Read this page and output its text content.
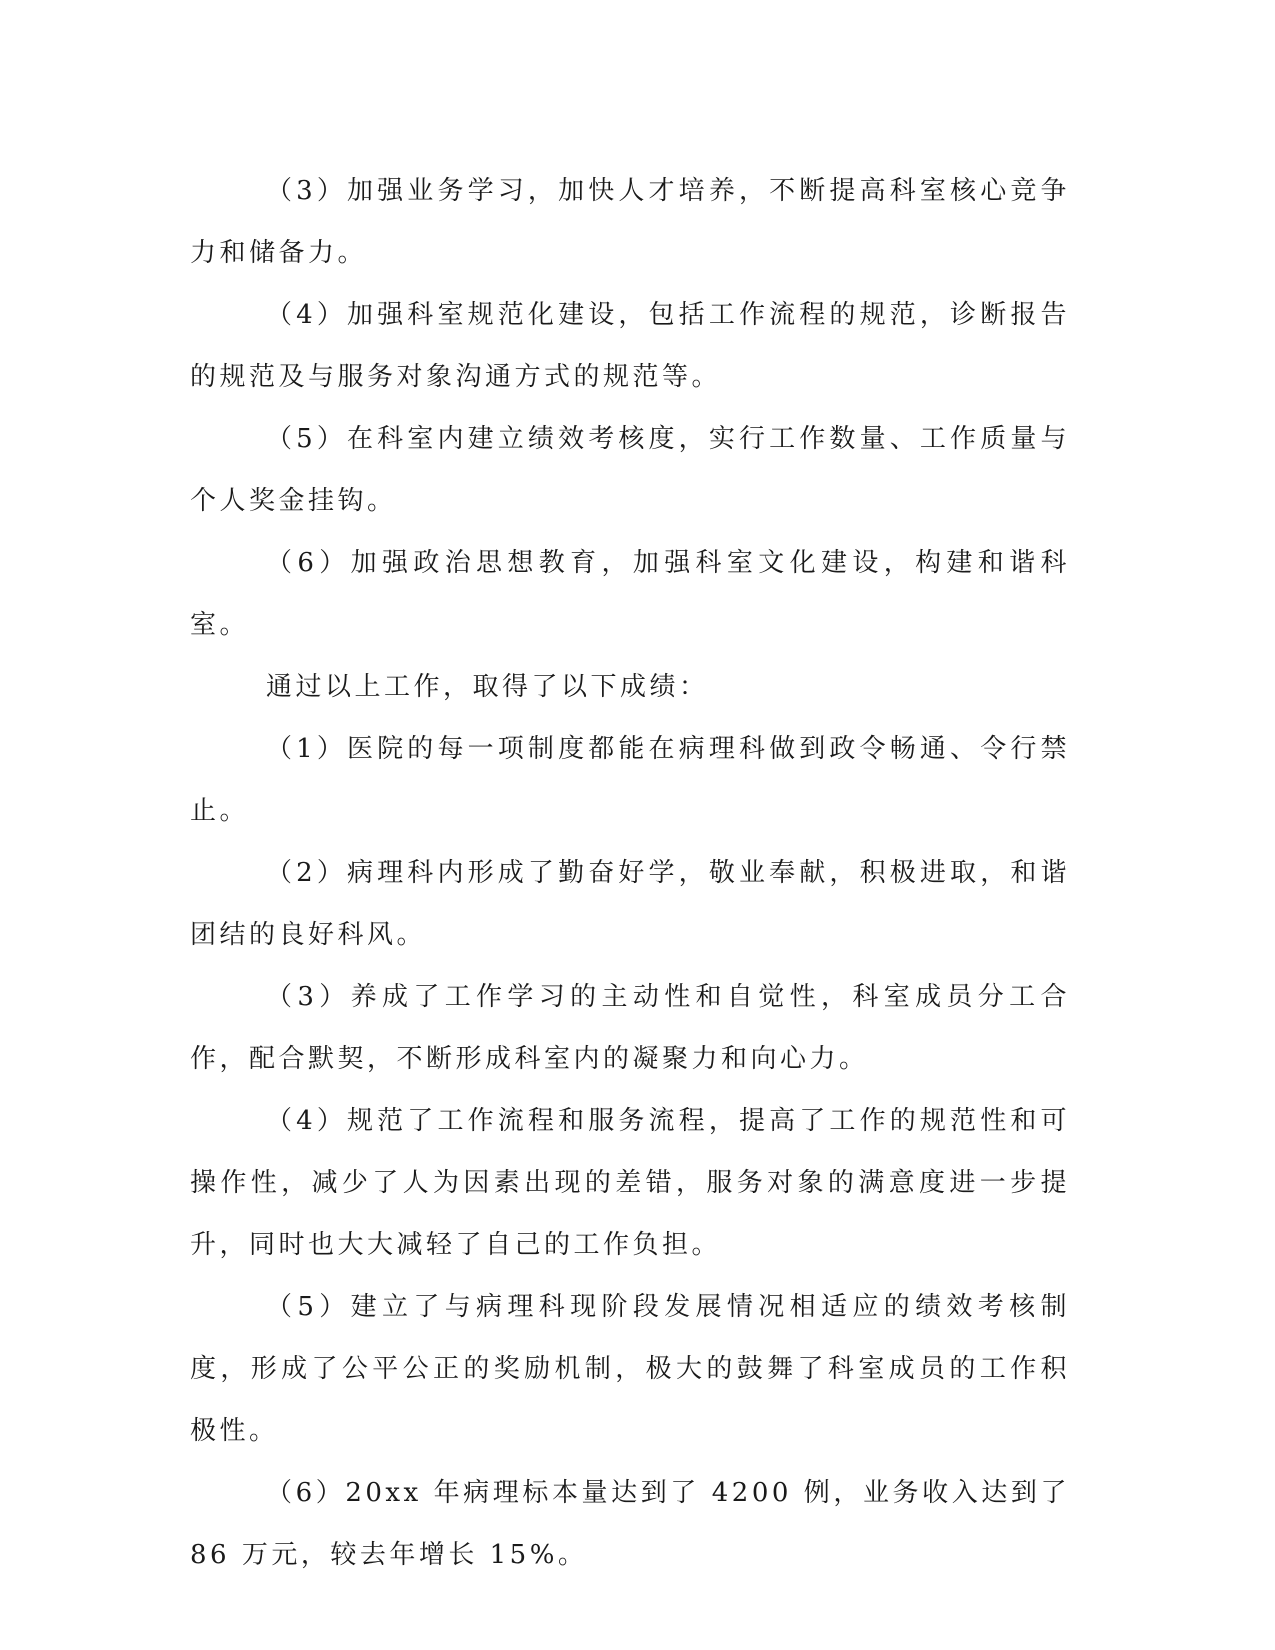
（3）加强业务学习，加快人才培养，不断提高科室核心竞争力和储备力。

（4）加强科室规范化建设，包括工作流程的规范，诊断报告的规范及与服务对象沟通方式的规范等。

（5）在科室内建立绩效考核度，实行工作数量、工作质量与个人奖金挂钩。

（6）加强政治思想教育，加强科室文化建设，构建和谐科室。

通过以上工作，取得了以下成绩：

（1）医院的每一项制度都能在病理科做到政令畅通、令行禁止。

（2）病理科内形成了勤奋好学，敬业奉献，积极进取，和谐团结的良好科风。

（3）养成了工作学习的主动性和自觉性，科室成员分工合作，配合默契，不断形成科室内的凝聚力和向心力。

（4）规范了工作流程和服务流程，提高了工作的规范性和可操作性，减少了人为因素出现的差错，服务对象的满意度进一步提升，同时也大大减轻了自己的工作负担。

（5）建立了与病理科现阶段发展情况相适应的绩效考核制度，形成了公平公正的奖励机制，极大的鼓舞了科室成员的工作积极性。

（6）20xx 年病理标本量达到了 4200 例，业务收入达到了 86 万元，较去年增长 15%。
